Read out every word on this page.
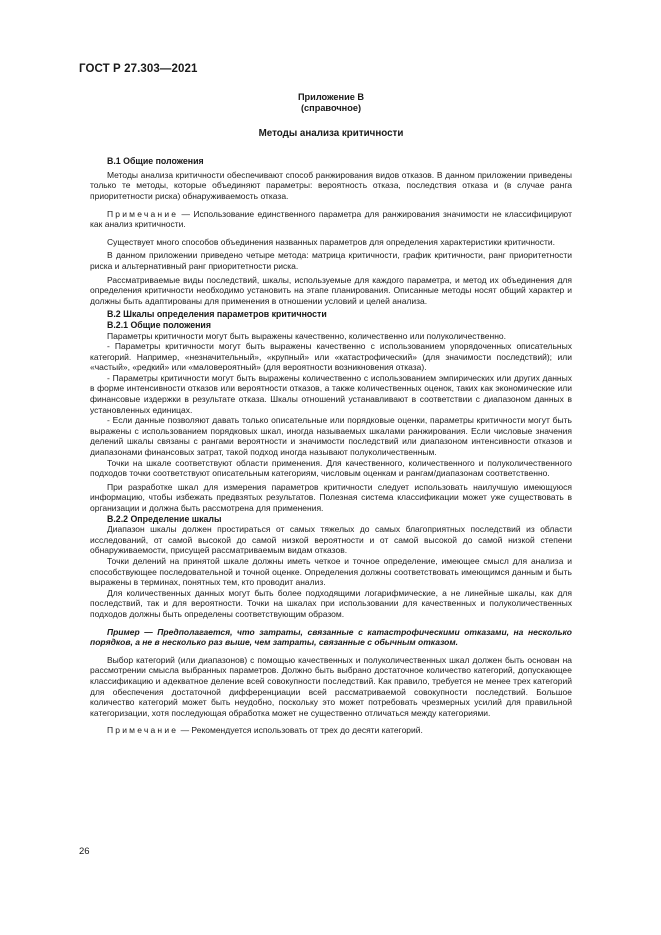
ГОСТ Р 27.303—2021

Приложение В

(справочное)

Методы анализа критичности

В.1 Общие положения

Методы анализа критичности обеспечивают способ ранжирования видов отказов. В данном приложении приведены только те методы, которые объединяют параметры: вероятность отказа, последствия отказа и (в случае ранга приоритетности риска) обнаруживаемость отказа.

Примечание — Использование единственного параметра для ранжирования значимости не классифицируют как анализ критичности.

Существует много способов объединения названных параметров для определения характеристики критичности.

В данном приложении приведено четыре метода: матрица критичности, график критичности, ранг приоритетности риска и альтернативный ранг приоритетности риска.

Рассматриваемые виды последствий, шкалы, используемые для каждого параметра, и метод их объединения для определения критичности необходимо установить на этапе планирования. Описанные методы носят общий характер и должны быть адаптированы для применения в отношении условий и целей анализа.

В.2 Шкалы определения параметров критичности

В.2.1 Общие положения

Параметры критичности могут быть выражены качественно, количественно или полуколичественно.

- Параметры критичности могут быть выражены качественно с использованием упорядоченных описательных категорий. Например, «незначительный», «крупный» или «катастрофический» (для значимости последствий); или «частый», «редкий» или «маловероятный» (для вероятности возникновения отказа).

- Параметры критичности могут быть выражены количественно с использованием эмпирических или других данных в форме интенсивности отказов или вероятности отказов, а также количественных оценок, таких как экономические или финансовые издержки в результате отказа. Шкалы отношений устанавливают в соответствии с диапазоном данных в установленных единицах.

- Если данные позволяют давать только описательные или порядковые оценки, параметры критичности могут быть выражены с использованием порядковых шкал, иногда называемых шкалами ранжирования. Если числовые значения делений шкалы связаны с рангами вероятности и значимости последствий или диапазоном интенсивности отказов и диапазонами финансовых затрат, такой подход иногда называют полуколичественным.

Точки на шкале соответствуют области применения. Для качественного, количественного и полуколичественного подходов точки соответствуют описательным категориям, числовым оценкам и рангам/диапазонам соответственно.

При разработке шкал для измерения параметров критичности следует использовать наилучшую имеющуюся информацию, чтобы избежать предвзятых результатов. Полезная система классификации может уже существовать в организации и должна быть рассмотрена для применения.

В.2.2 Определение шкалы

Диапазон шкалы должен простираться от самых тяжелых до самых благоприятных последствий из области исследований, от самой высокой до самой низкой вероятности и от самой высокой до самой низкой степени обнаруживаемости, присущей рассматриваемым видам отказов.

Точки делений на принятой шкале должны иметь четкое и точное определение, имеющее смысл для анализа и способствующее последовательной и точной оценке. Определения должны соответствовать имеющимся данным и быть выражены в терминах, понятных тем, кто проводит анализ.

Для количественных данных могут быть более подходящими логарифмические, а не линейные шкалы, как для последствий, так и для вероятности. Точки на шкалах при использовании для качественных и полуколичественных подходов должны быть определены соответствующим образом.

Пример — Предполагается, что затраты, связанные с катастрофическими отказами, на несколько порядков, а не в несколько раз выше, чем затраты, связанные с обычным отказом.

Выбор категорий (или диапазонов) с помощью качественных и полуколичественных шкал должен быть основан на рассмотрении смысла выбранных параметров. Должно быть выбрано достаточное количество категорий, допускающее классификацию и адекватное деление всей совокупности последствий. Как правило, требуется не менее трех категорий для обеспечения достаточной дифференциации всей рассматриваемой совокупности последствий. Большое количество категорий может быть неудобно, поскольку это может потребовать чрезмерных усилий для правильной категоризации, хотя последующая обработка может не существенно отличаться между категориями.

Примечание — Рекомендуется использовать от трех до десяти категорий.

26
